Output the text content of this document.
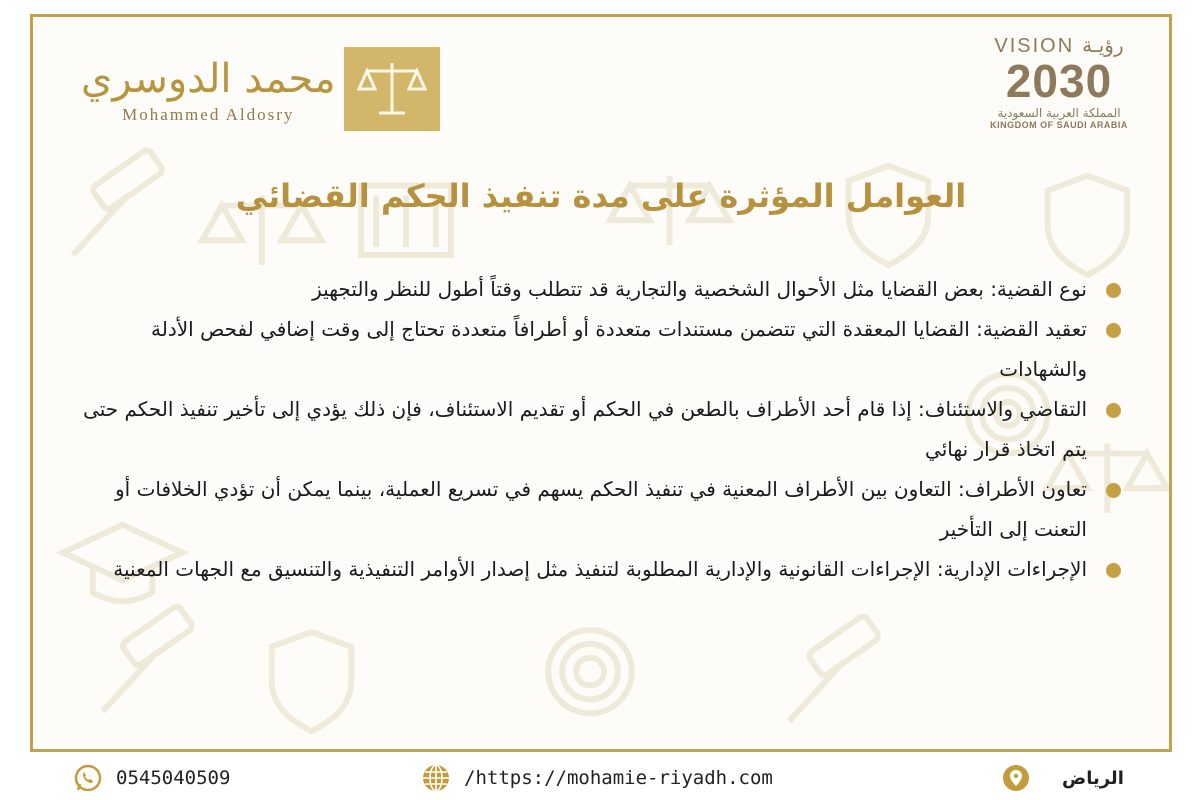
VISION رؤيـة
2030
المملكة العربية السعودية
KINGDOM OF SAUDI ARABIA
محمد الدوسري
Mohammed Aldosry
العوامل المؤثرة على مدة تنفيذ الحكم القضائي
نوع القضية: بعض القضايا مثل الأحوال الشخصية والتجارية قد تتطلب وقتاً أطول للنظر والتجهيز
تعقيد القضية: القضايا المعقدة التي تتضمن مستندات متعددة أو أطرافاً متعددة تحتاج إلى وقت إضافي لفحص الأدلة والشهادات
التقاضي والاستئناف: إذا قام أحد الأطراف بالطعن في الحكم أو تقديم الاستئناف، فإن ذلك يؤدي إلى تأخير تنفيذ الحكم حتى يتم اتخاذ قرار نهائي
تعاون الأطراف: التعاون بين الأطراف المعنية في تنفيذ الحكم يسهم في تسريع العملية، بينما يمكن أن تؤدي الخلافات أو التعنت إلى التأخير
الإجراءات الإدارية: الإجراءات القانونية والإدارية المطلوبة لتنفيذ مثل إصدار الأوامر التنفيذية والتنسيق مع الجهات المعنية
0545040509	/https://mohamie-riyadh.com	الرياض
